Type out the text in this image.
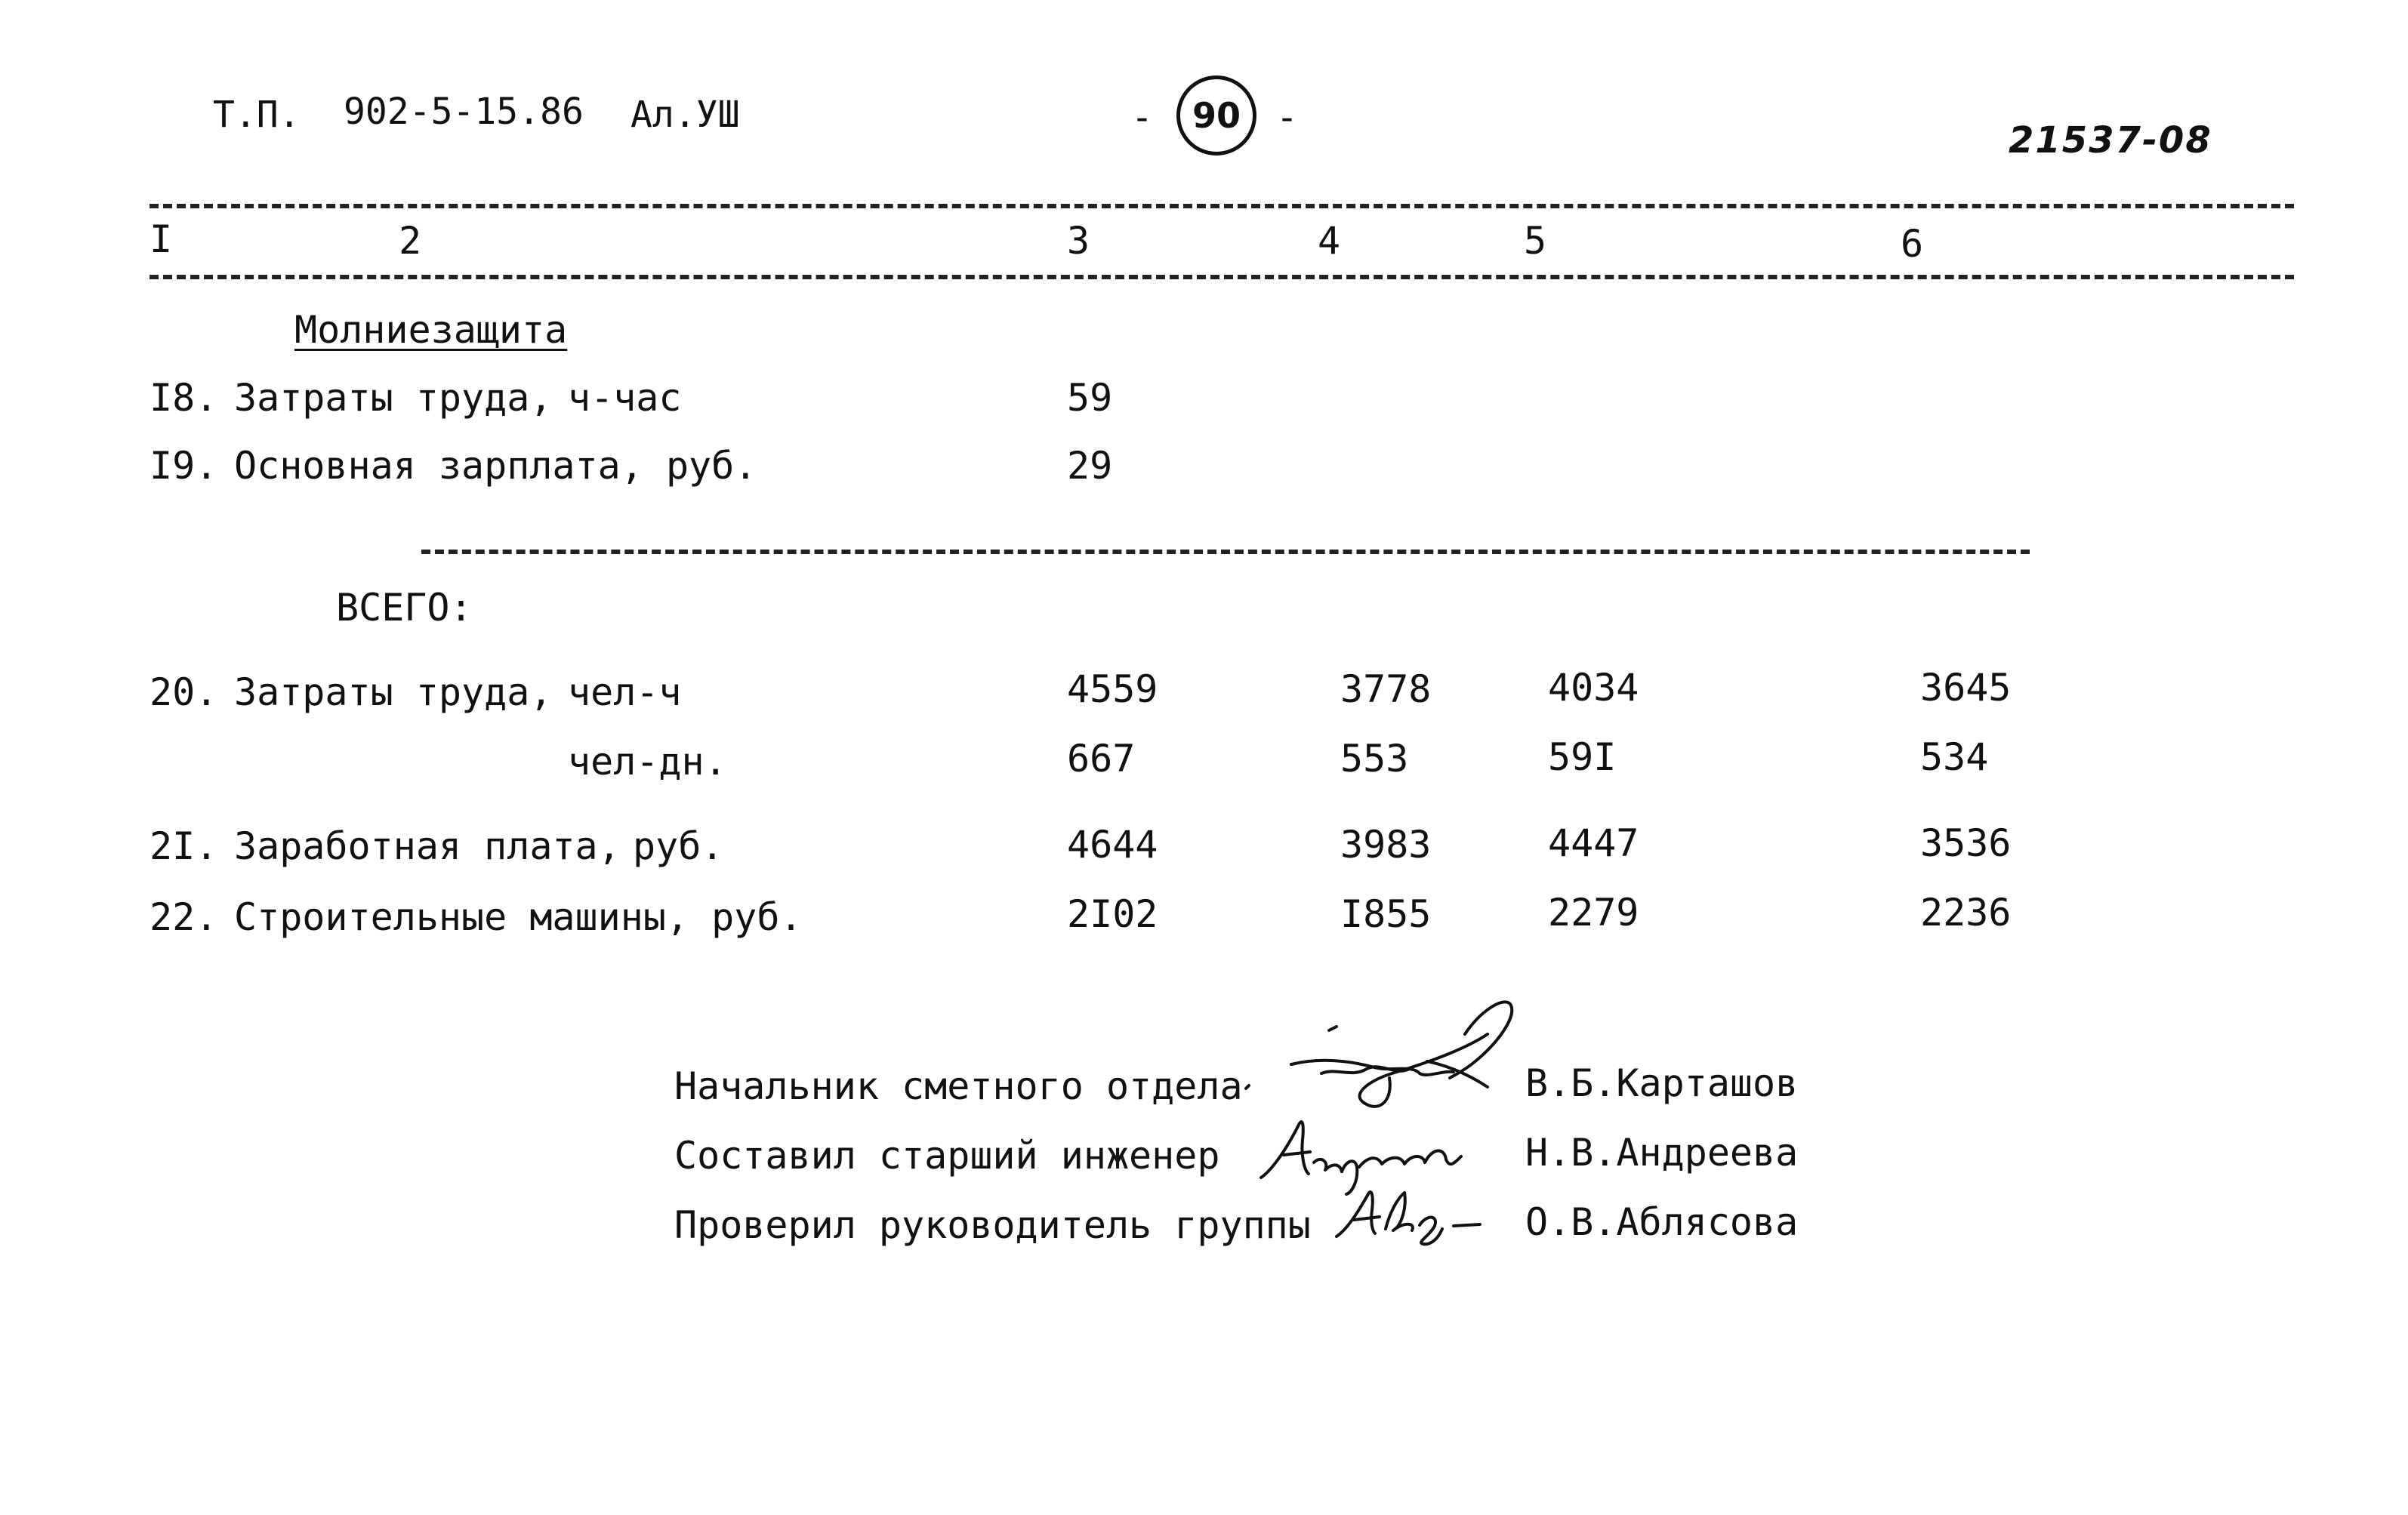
Т.П. 902-5-15.86 Ал.УШ	-	90 -
21537-08
I	2	3	4	5	6
Молниезащита
I8. Затраты труда, ч-час	59
I9. Основная зарплата, руб.	29
ВСЕГО:
20. Затраты труда, чел-ч	4559	3778	4034	3645
чел-дн.	667	553	59I	534
2I. Заработная плата, руб.	4644	3983	4447	3536
22. Строительные машины, руб.	2I02	I855	2279	2236
Начальник сметного отдела	В.Б.Карташов
Составил старший инженер	Н.В.Андреева
Проверил руководитель группы	О.В.Аблясова
